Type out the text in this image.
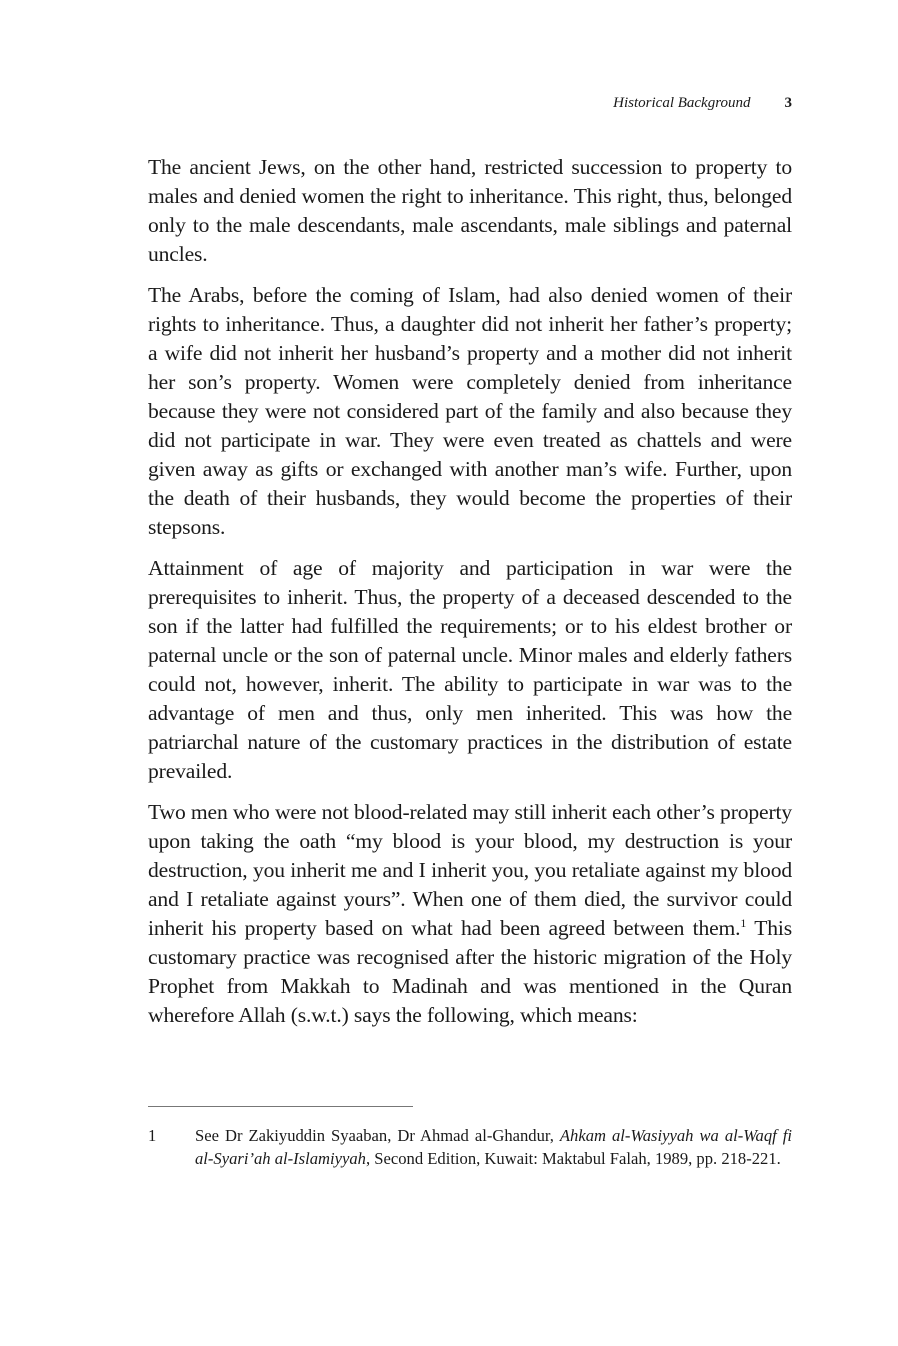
Historical Background 3

The ancient Jews, on the other hand, restricted succession to property to males and denied women the right to inheritance. This right, thus, belonged only to the male descendants, male ascendants, male siblings and paternal uncles.

The Arabs, before the coming of Islam, had also denied women of their rights to inheritance. Thus, a daughter did not inherit her father’s property; a wife did not inherit her husband’s property and a mother did not inherit her son’s property. Women were completely denied from inheritance because they were not considered part of the family and also because they did not participate in war. They were even treated as chattels and were given away as gifts or exchanged with another man’s wife. Further, upon the death of their husbands, they would become the properties of their stepsons.

Attainment of age of majority and participation in war were the prerequisites to inherit. Thus, the property of a deceased descended to the son if the latter had fulfilled the requirements; or to his eldest brother or paternal uncle or the son of paternal uncle. Minor males and elderly fathers could not, however, inherit. The ability to participate in war was to the advantage of men and thus, only men inherited. This was how the patriarchal nature of the customary practices in the distribution of estate prevailed.

Two men who were not blood-related may still inherit each other’s property upon taking the oath “my blood is your blood, my destruction is your destruction, you inherit me and I inherit you, you retaliate against my blood and I retaliate against yours”. When one of them died, the survivor could inherit his property based on what had been agreed between them.$^1$ This customary practice was recognised after the historic migration of the Holy Prophet from Makkah to Madinah and was mentioned in the Quran wherefore Allah (s.w.t.) says the following, which means:

1 See Dr Zakiyuddin Syaaban, Dr Ahmad al-Ghandur, Ahkam al-Wasiyyah wa al-Waqf fi al-Syari’ah al-Islamiyyah, Second Edition, Kuwait: Maktabul Falah, 1989, pp. 218-221.
